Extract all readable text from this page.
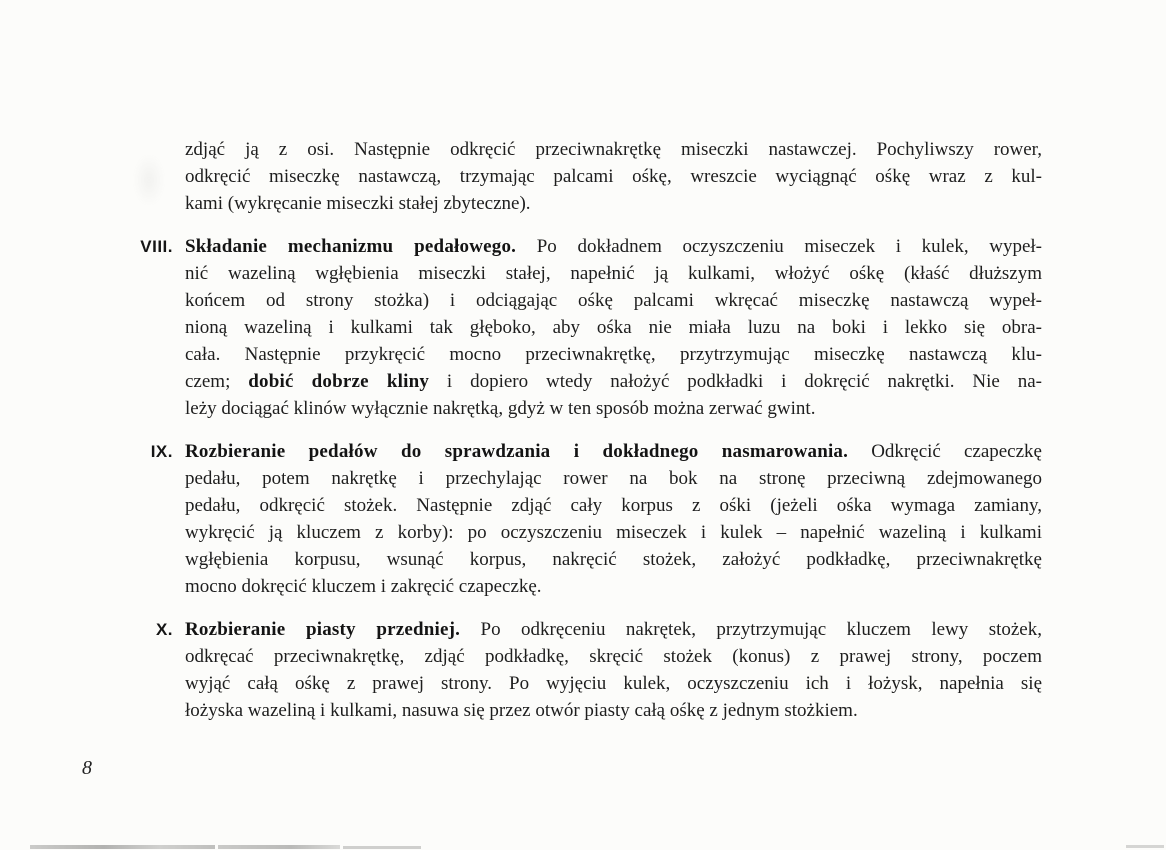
zdjąć ją z osi. Następnie odkręcić przeciwnakrętkę miseczki nastawczej. Pochyliwszy rower,
odkręcić miseczkę nastawczą, trzymając palcami ośkę, wreszcie wyciągnąć ośkę wraz z kul-
kami (wykręcanie miseczki stałej zbyteczne).
VIII. Składanie mechanizmu pedałowego. Po dokładnem oczyszczeniu miseczek i kulek, wypeł-
nić wazeliną wgłębienia miseczki stałej, napełnić ją kulkami, włożyć ośkę (kłaść dłuższym
końcem od strony stożka) i odciągając ośkę palcami wkręcać miseczkę nastawczą wypeł-
nioną wazeliną i kulkami tak głęboko, aby ośka nie miała luzu na boki i lekko się obra-
cała. Następnie przykręcić mocno przeciwnakrętkę, przytrzymując miseczkę nastawczą klu-
czem; dobić dobrze kliny i dopiero wtedy nałożyć podkładki i dokręcić nakrętki. Nie na-
leży dociągać klinów wyłącznie nakrętką, gdyż w ten sposób można zerwać gwint.
IX. Rozbieranie pedałów do sprawdzania i dokładnego nasmarowania. Odkręcić czapeczkę
pedału, potem nakrętkę i przechylając rower na bok na stronę przeciwną zdejmowanego
pedału, odkręcić stożek. Następnie zdjąć cały korpus z ośki (jeżeli ośka wymaga zamiany,
wykręcić ją kluczem z korby): po oczyszczeniu miseczek i kulek – napełnić wazeliną i kulkami
wgłębienia korpusu, wsunąć korpus, nakręcić stożek, założyć podkładkę, przeciwnakrętkę
mocno dokręcić kluczem i zakręcić czapeczkę.
X. Rozbieranie piasty przedniej. Po odkręceniu nakrętek, przytrzymując kluczem lewy stożek,
odkręcać przeciwnakrętkę, zdjąć podkładkę, skręcić stożek (konus) z prawej strony, poczem
wyjąć całą ośkę z prawej strony. Po wyjęciu kulek, oczyszczeniu ich i łożysk, napełnia się
łożyska wazeliną i kulkami, nasuwa się przez otwór piasty całą ośkę z jednym stożkiem.
8
